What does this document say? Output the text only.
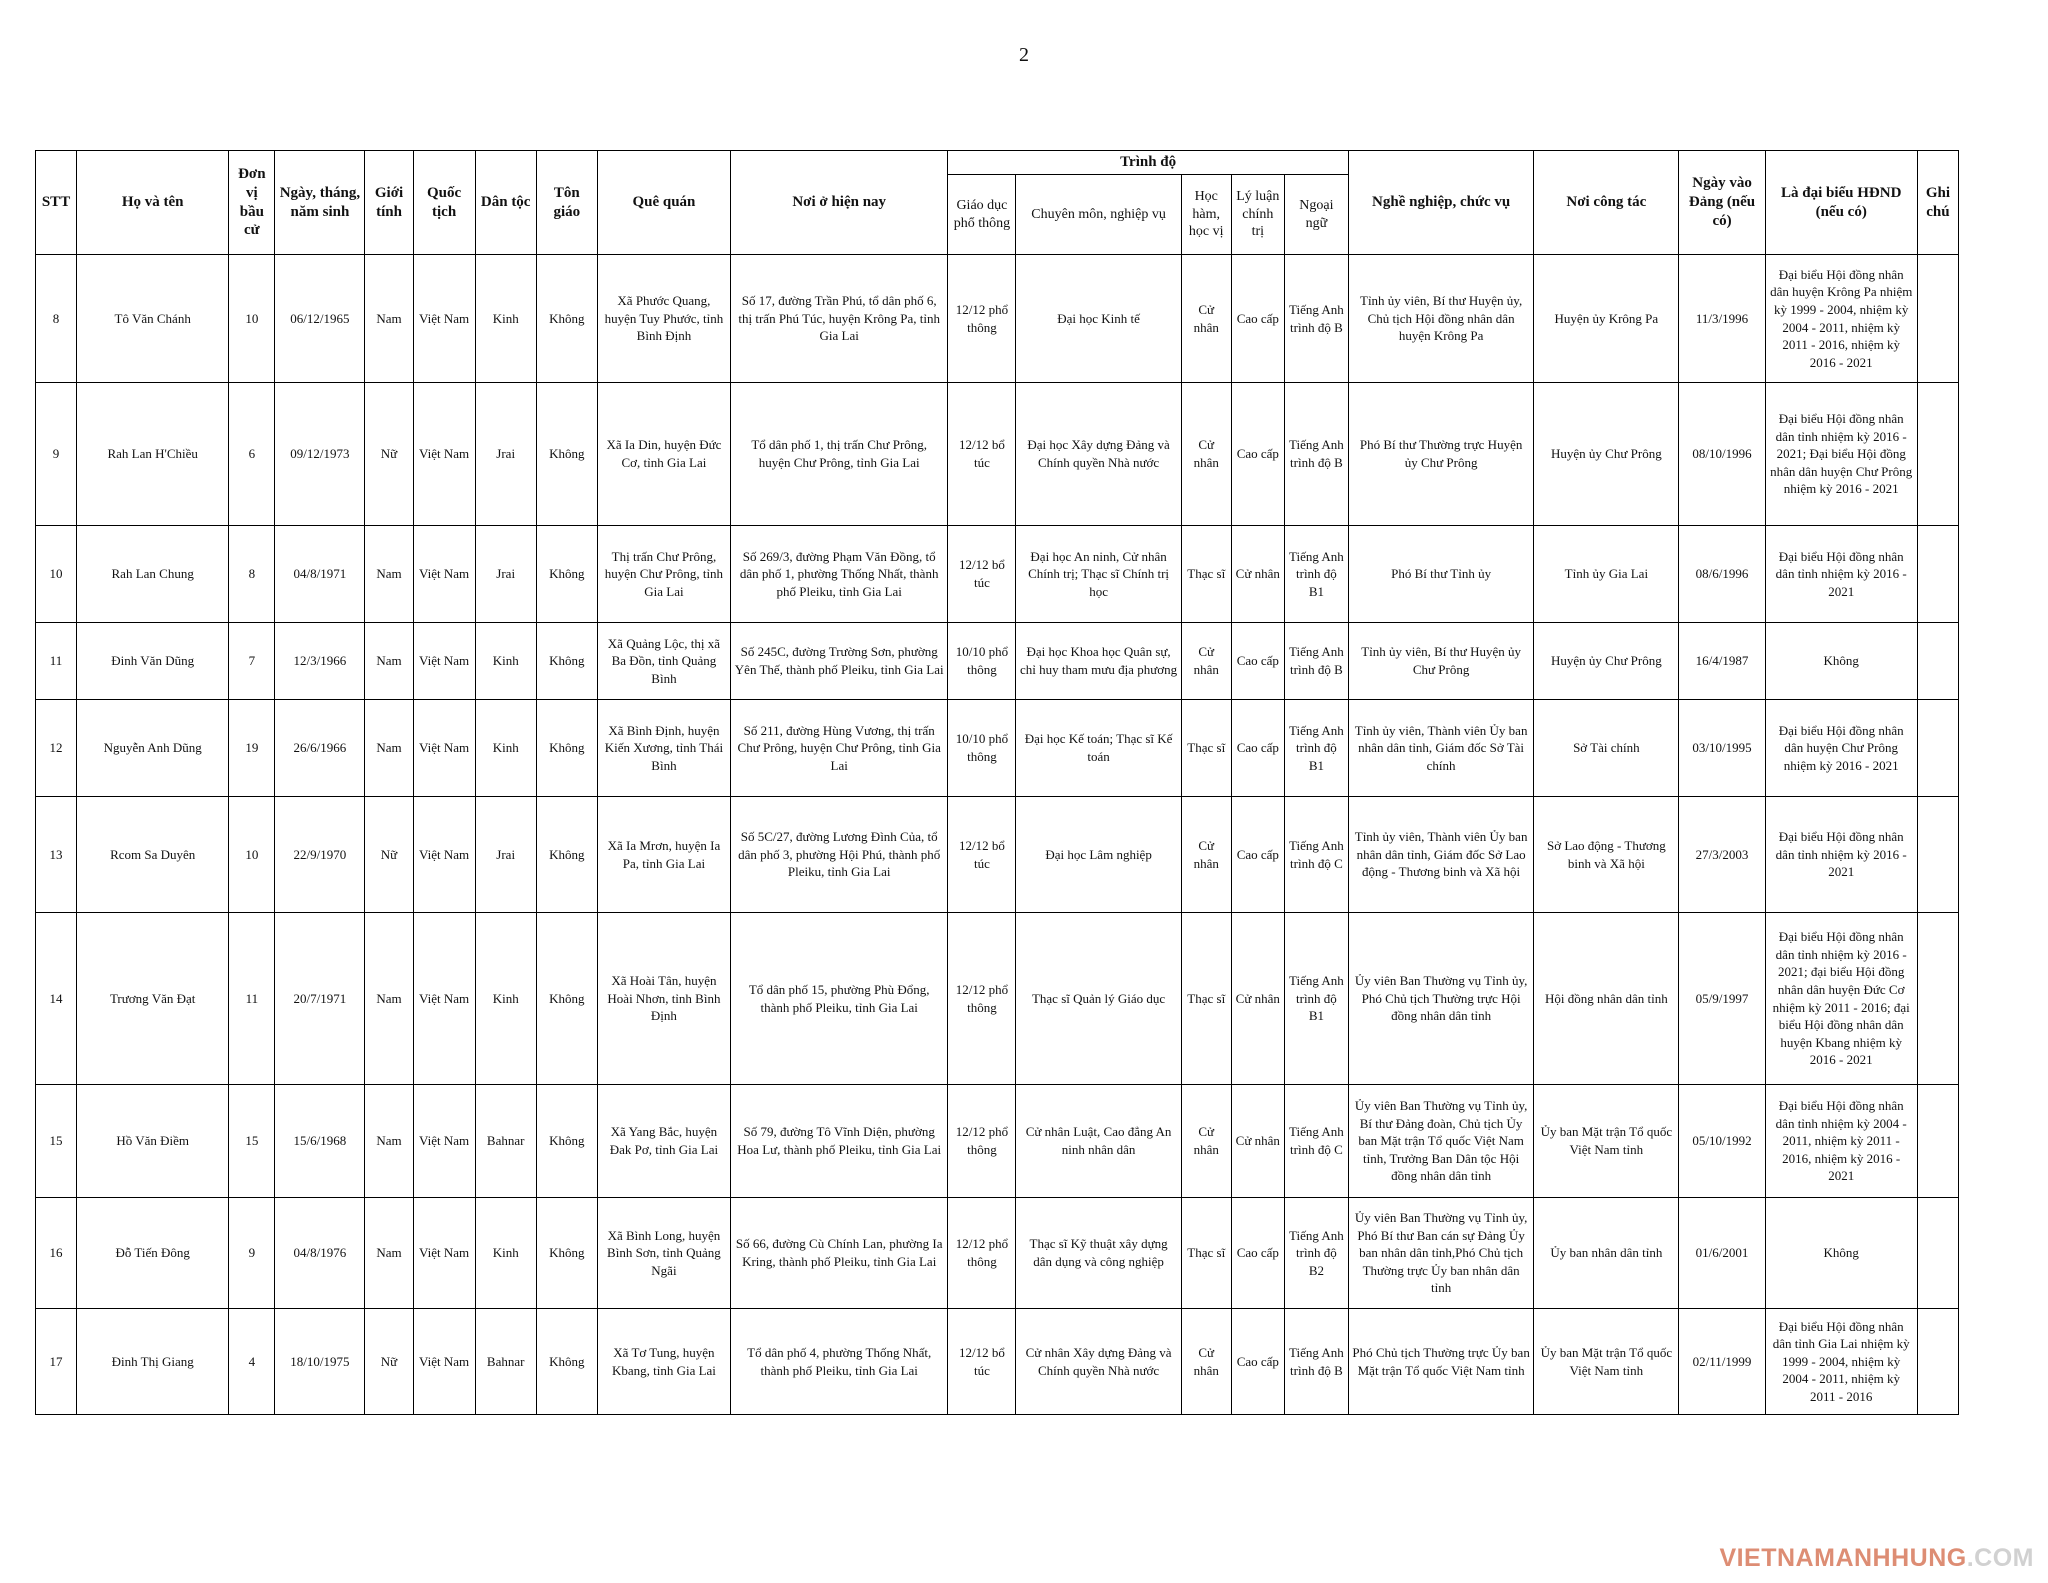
2
STT	Họ và tên	Đơn vị bầu cử	Ngày, tháng, năm sinh	Giới tính	Quốc tịch	Dân tộc	Tôn giáo	Quê quán	Nơi ở hiện nay	Trình độ					Nghề nghiệp, chức vụ	Nơi công tác	Ngày vào Đảng (nếu có)	Là đại biểu HĐND (nếu có)	Ghi chú
										Giáo dục phổ thông	Chuyên môn, nghiệp vụ	Học hàm, học vị	Lý luận chính trị	Ngoại ngữ					
8	Tô Văn Chánh	10	06/12/1965	Nam	Việt Nam	Kinh	Không	Xã Phước Quang, huyện Tuy Phước, tỉnh Bình Định	Số 17, đường Trần Phú, tổ dân phố 6, thị trấn Phú Túc, huyện Krông Pa, tỉnh Gia Lai	12/12 phổ thông	Đại học Kinh tế	Cử nhân	Cao cấp	Tiếng Anh trình độ B	Tỉnh ủy viên, Bí thư Huyện ủy, Chủ tịch Hội đồng nhân dân huyện Krông Pa	Huyện ủy Krông Pa	11/3/1996	Đại biểu Hội đồng nhân dân huyện Krông Pa nhiệm kỳ 1999 - 2004, nhiệm kỳ 2004 - 2011, nhiệm kỳ 2011 - 2016, nhiệm kỳ 2016 - 2021	
9	Rah Lan H'Chiều	6	09/12/1973	Nữ	Việt Nam	Jrai	Không	Xã Ia Din, huyện Đức Cơ, tỉnh Gia Lai	Tổ dân phố 1, thị trấn Chư Prông, huyện Chư Prông, tỉnh Gia Lai	12/12 bổ túc	Đại học Xây dựng Đảng và Chính quyền Nhà nước	Cử nhân	Cao cấp	Tiếng Anh trình độ B	Phó Bí thư Thường trực Huyện ủy Chư Prông	Huyện ủy Chư Prông	08/10/1996	Đại biểu Hội đồng nhân dân tỉnh nhiệm kỳ 2016 - 2021; Đại biểu Hội đồng nhân dân huyện Chư Prông nhiệm kỳ 2016 - 2021	
10	Rah Lan Chung	8	04/8/1971	Nam	Việt Nam	Jrai	Không	Thị trấn Chư Prông, huyện Chư Prông, tỉnh Gia Lai	Số 269/3, đường Phạm Văn Đồng, tổ dân phố 1, phường Thống Nhất, thành phố Pleiku, tỉnh Gia Lai	12/12 bổ túc	Đại học An ninh, Cử nhân Chính trị; Thạc sĩ Chính trị học	Thạc sĩ	Cử nhân	Tiếng Anh trình độ B1	Phó Bí thư Tỉnh ủy	Tỉnh ủy Gia Lai	08/6/1996	Đại biểu Hội đồng nhân dân tỉnh nhiệm kỳ 2016 - 2021	
11	Đinh Văn Dũng	7	12/3/1966	Nam	Việt Nam	Kinh	Không	Xã Quảng Lộc, thị xã Ba Đồn, tỉnh Quảng Bình	Số 245C, đường Trường Sơn, phường Yên Thế, thành phố Pleiku, tỉnh Gia Lai	10/10 phổ thông	Đại học Khoa học Quân sự, chỉ huy tham mưu địa phương	Cử nhân	Cao cấp	Tiếng Anh trình độ B	Tỉnh ủy viên, Bí thư Huyện ủy Chư Prông	Huyện ủy Chư Prông	16/4/1987	Không	
12	Nguyễn Anh Dũng	19	26/6/1966	Nam	Việt Nam	Kinh	Không	Xã Bình Định, huyện Kiến Xương, tỉnh Thái Bình	Số 211, đường Hùng Vương, thị trấn Chư Prông, huyện Chư Prông, tỉnh Gia Lai	10/10 phổ thông	Đại học Kế toán; Thạc sĩ Kế toán	Thạc sĩ	Cao cấp	Tiếng Anh trình độ B1	Tỉnh ủy viên, Thành viên Ủy ban nhân dân tỉnh, Giám đốc Sở Tài chính	Sở Tài chính	03/10/1995	Đại biểu Hội đồng nhân dân huyện Chư Prông nhiệm kỳ 2016 - 2021	
13	Rcom Sa Duyên	10	22/9/1970	Nữ	Việt Nam	Jrai	Không	Xã Ia Mrơn, huyện Ia Pa, tỉnh Gia Lai	Số 5C/27, đường Lương Đình Của, tổ dân phố 3, phường Hội Phú, thành phố Pleiku, tỉnh Gia Lai	12/12 bổ túc	Đại học Lâm nghiệp	Cử nhân	Cao cấp	Tiếng Anh trình độ C	Tỉnh ủy viên, Thành viên Ủy ban nhân dân tỉnh, Giám đốc Sở Lao động - Thương binh và Xã hội	Sở Lao động - Thương binh và Xã hội	27/3/2003	Đại biểu Hội đồng nhân dân tỉnh nhiệm kỳ 2016 - 2021	
14	Trương Văn Đạt	11	20/7/1971	Nam	Việt Nam	Kinh	Không	Xã Hoài Tân, huyện Hoài Nhơn, tỉnh Bình Định	Tổ dân phố 15, phường Phù Đổng, thành phố Pleiku, tỉnh Gia Lai	12/12 phổ thông	Thạc sĩ Quản lý Giáo dục	Thạc sĩ	Cử nhân	Tiếng Anh trình độ B1	Ủy viên Ban Thường vụ Tỉnh ủy, Phó Chủ tịch Thường trực Hội đồng nhân dân tỉnh	Hội đồng nhân dân tỉnh	05/9/1997	Đại biểu Hội đồng nhân dân tỉnh nhiệm kỳ 2016 - 2021; đại biểu Hội đồng nhân dân huyện Đức Cơ nhiệm kỳ 2011 - 2016; đại biểu Hội đồng nhân dân huyện Kbang nhiệm kỳ 2016 - 2021	
15	Hồ Văn Điềm	15	15/6/1968	Nam	Việt Nam	Bahnar	Không	Xã Yang Bắc, huyện Đak Pơ, tỉnh Gia Lai	Số 79, đường Tô Vĩnh Diện, phường Hoa Lư, thành phố Pleiku, tỉnh Gia Lai	12/12 phổ thông	Cử nhân Luật, Cao đẳng An ninh nhân dân	Cử nhân	Cử nhân	Tiếng Anh trình độ C	Ủy viên Ban Thường vụ Tỉnh ủy, Bí thư Đảng đoàn, Chủ tịch Ủy ban Mặt trận Tổ quốc Việt Nam tỉnh, Trưởng Ban Dân tộc Hội đồng nhân dân tỉnh	Ủy ban Mặt trận Tổ quốc Việt Nam tỉnh	05/10/1992	Đại biểu Hội đồng nhân dân tỉnh nhiệm kỳ 2004 - 2011, nhiệm kỳ 2011 - 2016, nhiệm kỳ 2016 - 2021	
16	Đỗ Tiến Đông	9	04/8/1976	Nam	Việt Nam	Kinh	Không	Xã Bình Long, huyện Bình Sơn, tỉnh Quảng Ngãi	Số 66, đường Cù Chính Lan, phường Ia Kring, thành phố Pleiku, tỉnh Gia Lai	12/12 phổ thông	Thạc sĩ Kỹ thuật xây dựng dân dụng và công nghiệp	Thạc sĩ	Cao cấp	Tiếng Anh trình độ B2	Ủy viên Ban Thường vụ Tỉnh ủy, Phó Bí thư Ban cán sự Đảng Ủy ban nhân dân tỉnh,Phó Chủ tịch Thường trực Ủy ban nhân dân tỉnh	Ủy ban nhân dân tỉnh	01/6/2001	Không	
17	Đinh Thị Giang	4	18/10/1975	Nữ	Việt Nam	Bahnar	Không	Xã Tơ Tung, huyện Kbang, tỉnh Gia Lai	Tổ dân phố 4, phường Thống Nhất, thành phố Pleiku, tỉnh Gia Lai	12/12 bổ túc	Cử nhân Xây dựng Đảng và Chính quyền Nhà nước	Cử nhân	Cao cấp	Tiếng Anh trình độ B	Phó Chủ tịch Thường trực Ủy ban Mặt trận Tổ quốc Việt Nam tỉnh	Ủy ban Mặt trận Tổ quốc Việt Nam tỉnh	02/11/1999	Đại biểu Hội đồng nhân dân tỉnh Gia Lai nhiệm kỳ 1999 - 2004, nhiệm kỳ 2004 - 2011, nhiệm kỳ 2011 - 2016	
VIETNAMANHHUNG.COM
